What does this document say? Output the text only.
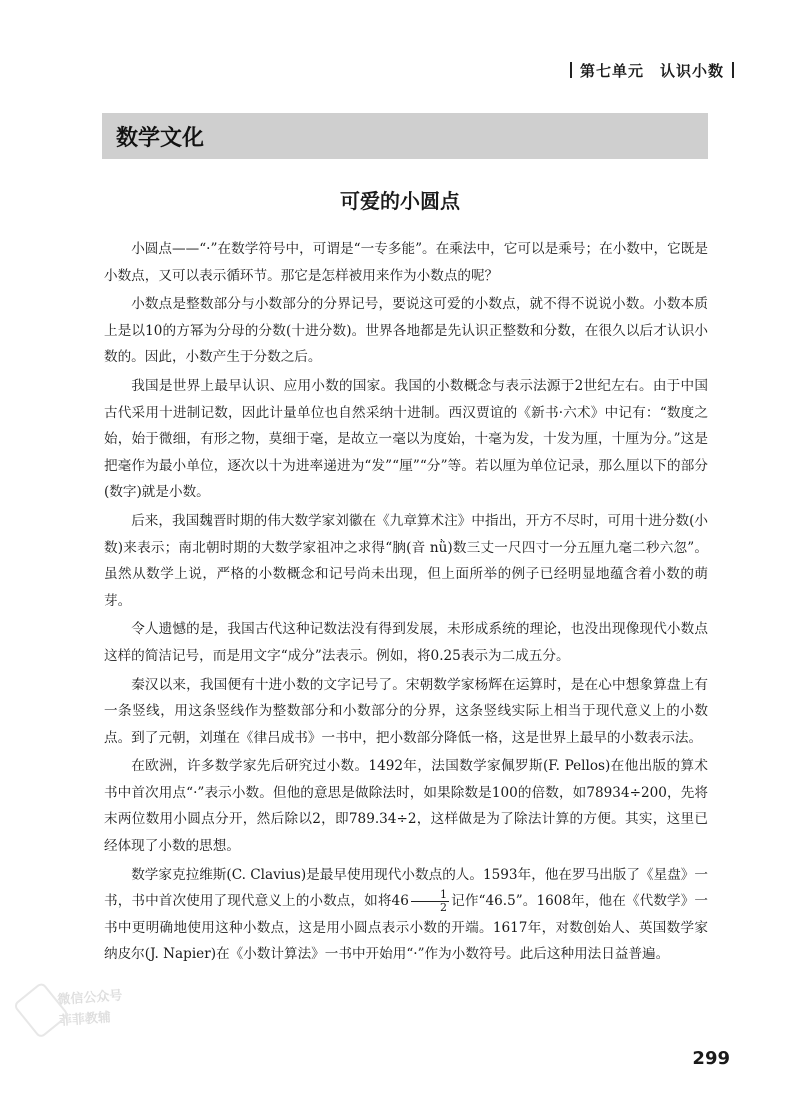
第七单元　认识小数
数学文化
可爱的小圆点

小圆点——“·”在数学符号中，可谓是“一专多能”。在乘法中，它可以是乘号；在小数中，它既是小数点，又可以表示循环节。那它是怎样被用来作为小数点的呢？

小数点是整数部分与小数部分的分界记号，要说这可爱的小数点，就不得不说说小数。小数本质上是以10的方幂为分母的分数(十进分数)。世界各地都是先认识正整数和分数，在很久以后才认识小数的。因此，小数产生于分数之后。

我国是世界上最早认识、应用小数的国家。我国的小数概念与表示法源于2世纪左右。由于中国古代采用十进制记数，因此计量单位也自然采纳十进制。西汉贾谊的《新书·六术》中记有：“数度之始，始于微细，有形之物，莫细于毫，是故立一毫以为度始，十毫为发，十发为厘，十厘为分。”这是把毫作为最小单位，逐次以十为进率递进为“发”“厘”“分”等。若以厘为单位记录，那么厘以下的部分(数字)就是小数。

后来，我国魏晋时期的伟大数学家刘徽在《九章算术注》中指出，开方不尽时，可用十进分数(小数)来表示；南北朝时期的大数学家祖冲之求得“朒(音 nǜ)数三丈一尺四寸一分五厘九毫二秒六忽”。虽然从数学上说，严格的小数概念和记号尚未出现，但上面所举的例子已经明显地蕴含着小数的萌芽。

令人遗憾的是，我国古代这种记数法没有得到发展，未形成系统的理论，也没出现像现代小数点这样的简洁记号，而是用文字“成分”法表示。例如，将0.25表示为二成五分。

秦汉以来，我国便有十进小数的文字记号了。宋朝数学家杨辉在运算时，是在心中想象算盘上有一条竖线，用这条竖线作为整数部分和小数部分的分界，这条竖线实际上相当于现代意义上的小数点。到了元朝，刘瑾在《律吕成书》一书中，把小数部分降低一格，这是世界上最早的小数表示法。

在欧洲，许多数学家先后研究过小数。1492年，法国数学家佩罗斯(F. Pellos)在他出版的算术书中首次用点“·”表示小数。但他的意思是做除法时，如果除数是100的倍数，如78934÷200，先将末两位数用小圆点分开，然后除以2，即789.34÷2，这样做是为了除法计算的方便。其实，这里已经体现了小数的思想。

数学家克拉维斯(C. Clavius)是最早使用现代小数点的人。1593年，他在罗马出版了《星盘》一书，书中首次使用了现代意义上的小数点，如将$46 \frac{1}{2}$ 记作“46.5”。1608年，他在《代数学》一书中更明确地使用这种小数点，这是用小圆点表示小数的开端。1617年，对数创始人、英国数学家纳皮尔(J. Napier)在《小数计算法》一书中开始用“·”作为小数符号。此后这种用法日益普遍。

微信公众号
菲菲教辅
299
